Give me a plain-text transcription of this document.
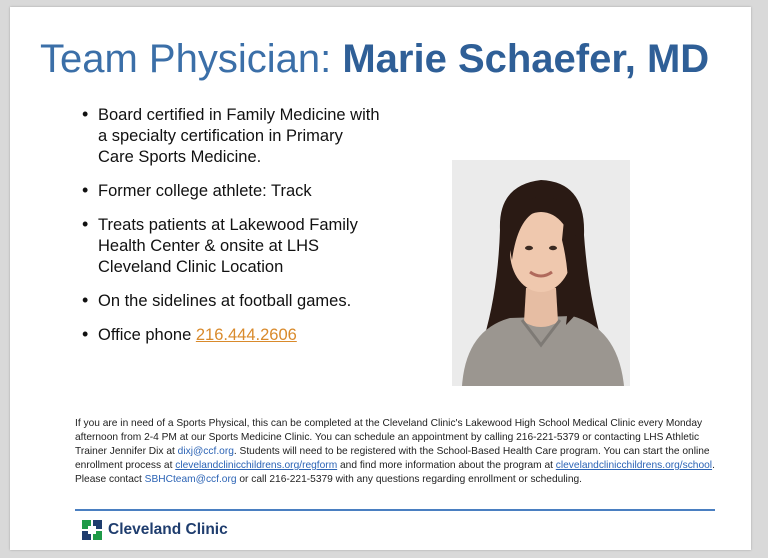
Team Physician: Marie Schaefer, MD
• Board certified in Family Medicine with a specialty certification in Primary Care Sports Medicine.
• Former college athlete: Track
• Treats patients at Lakewood Family Health Center & onsite at LHS Cleveland Clinic Location
• On the sidelines at football games.
• Office phone 216.444.2606
If you are in need of a Sports Physical, this can be completed at the Cleveland Clinic's Lakewood High School Medical Clinic every Monday afternoon from 2-4 PM at our Sports Medicine Clinic. You can schedule an appointment by calling 216-221-5379 or contacting LHS Athletic Trainer Jennifer Dix at dixj@ccf.org. Students will need to be registered with the School-Based Health Care program. You can start the online enrollment process at clevelandclinicchildrens.org/regform and find more information about the program at clevelandclinicchildrens.org/school. Please contact SBHCteam@ccf.org or call 216-221-5379 with any questions regarding enrollment or scheduling.
Cleveland Clinic
